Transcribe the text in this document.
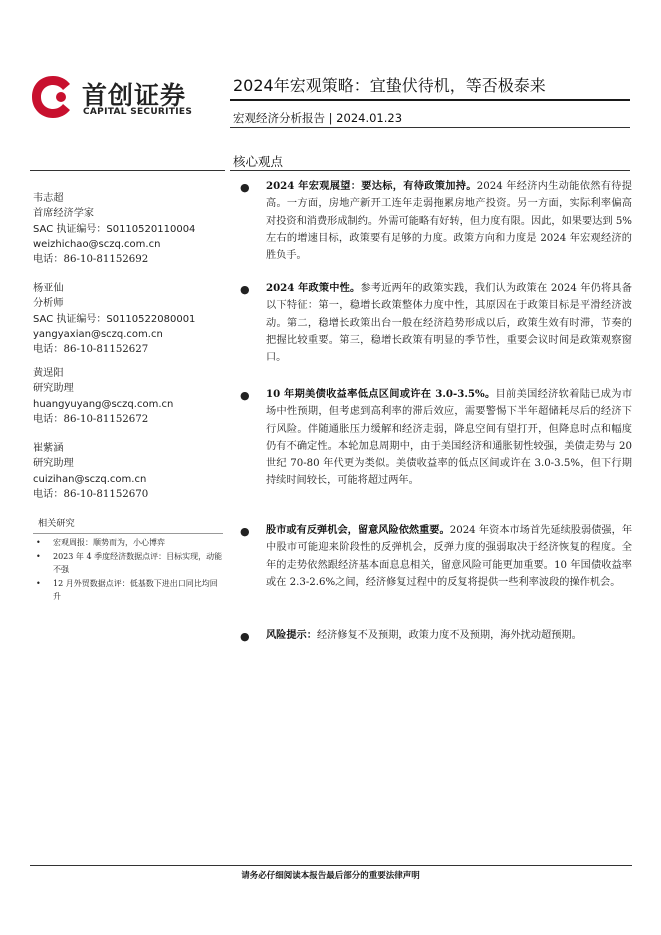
首创证券
CAPITAL SECURITIES
2024年宏观策略：宜蛰伏待机，等否极泰来
宏观经济分析报告 | 2024.01.23
核心观点
韦志超
首席经济学家
SAC 执证编号：S0110520110004
weizhichao@sczq.com.cn
电话：86-10-81152692
杨亚仙
分析师
SAC 执证编号：S0110522080001
yangyaxian@sczq.com.cn
电话：86-10-81152627
黄逞阳
研究助理
huangyuyang@sczq.com.cn
电话：86-10-81152672
崔紫涵
研究助理
cuizihan@sczq.com.cn
电话：86-10-81152670
相关研究
• 宏观周报：顺势而为，小心博弈
• 2023 年 4 季度经济数据点评：目标实现，动能不强
• 12 月外贸数据点评：低基数下进出口同比均回升
●	2024 年宏观展望：要达标，有待政策加持。2024 年经济内生动能依然有待提高。一方面，房地产新开工连年走弱拖累房地产投资。另一方面，实际利率偏高对投资和消费形成制约。外需可能略有好转，但力度有限。因此，如果要达到 5%左右的增速目标，政策要有足够的力度。政策方向和力度是 2024 年宏观经济的胜负手。
●	2024 年政策中性。参考近两年的政策实践，我们认为政策在 2024 年仍将具备以下特征：第一，稳增长政策整体力度中性，其原因在于政策目标是平滑经济波动。第二，稳增长政策出台一般在经济趋势形成以后，政策生效有时滞，节奏的把握比较重要。第三，稳增长政策有明显的季节性，重要会议时间是政策观察窗口。
●	10 年期美债收益率低点区间或许在 3.0-3.5%。目前美国经济软着陆已成为市场中性预期，但考虑到高利率的滞后效应，需要警惕下半年超储耗尽后的经济下行风险。伴随通胀压力缓解和经济走弱，降息空间有望打开，但降息时点和幅度仍有不确定性。本轮加息周期中，由于美国经济和通胀韧性较强，美债走势与 20 世纪 70-80 年代更为类似。美债收益率的低点区间或许在 3.0-3.5%，但下行期持续时间较长，可能将超过两年。
●	股市或有反弹机会，留意风险依然重要。2024 年资本市场首先延续股弱债强，年中股市可能迎来阶段性的反弹机会，反弹力度的强弱取决于经济恢复的程度。全年的走势依然跟经济基本面息息相关，留意风险可能更加重要。10 年国债收益率或在 2.3-2.6%之间，经济修复过程中的反复将提供一些利率波段的操作机会。
●	风险提示：经济修复不及预期，政策力度不及预期，海外扰动超预期。
请务必仔细阅读本报告最后部分的重要法律声明
